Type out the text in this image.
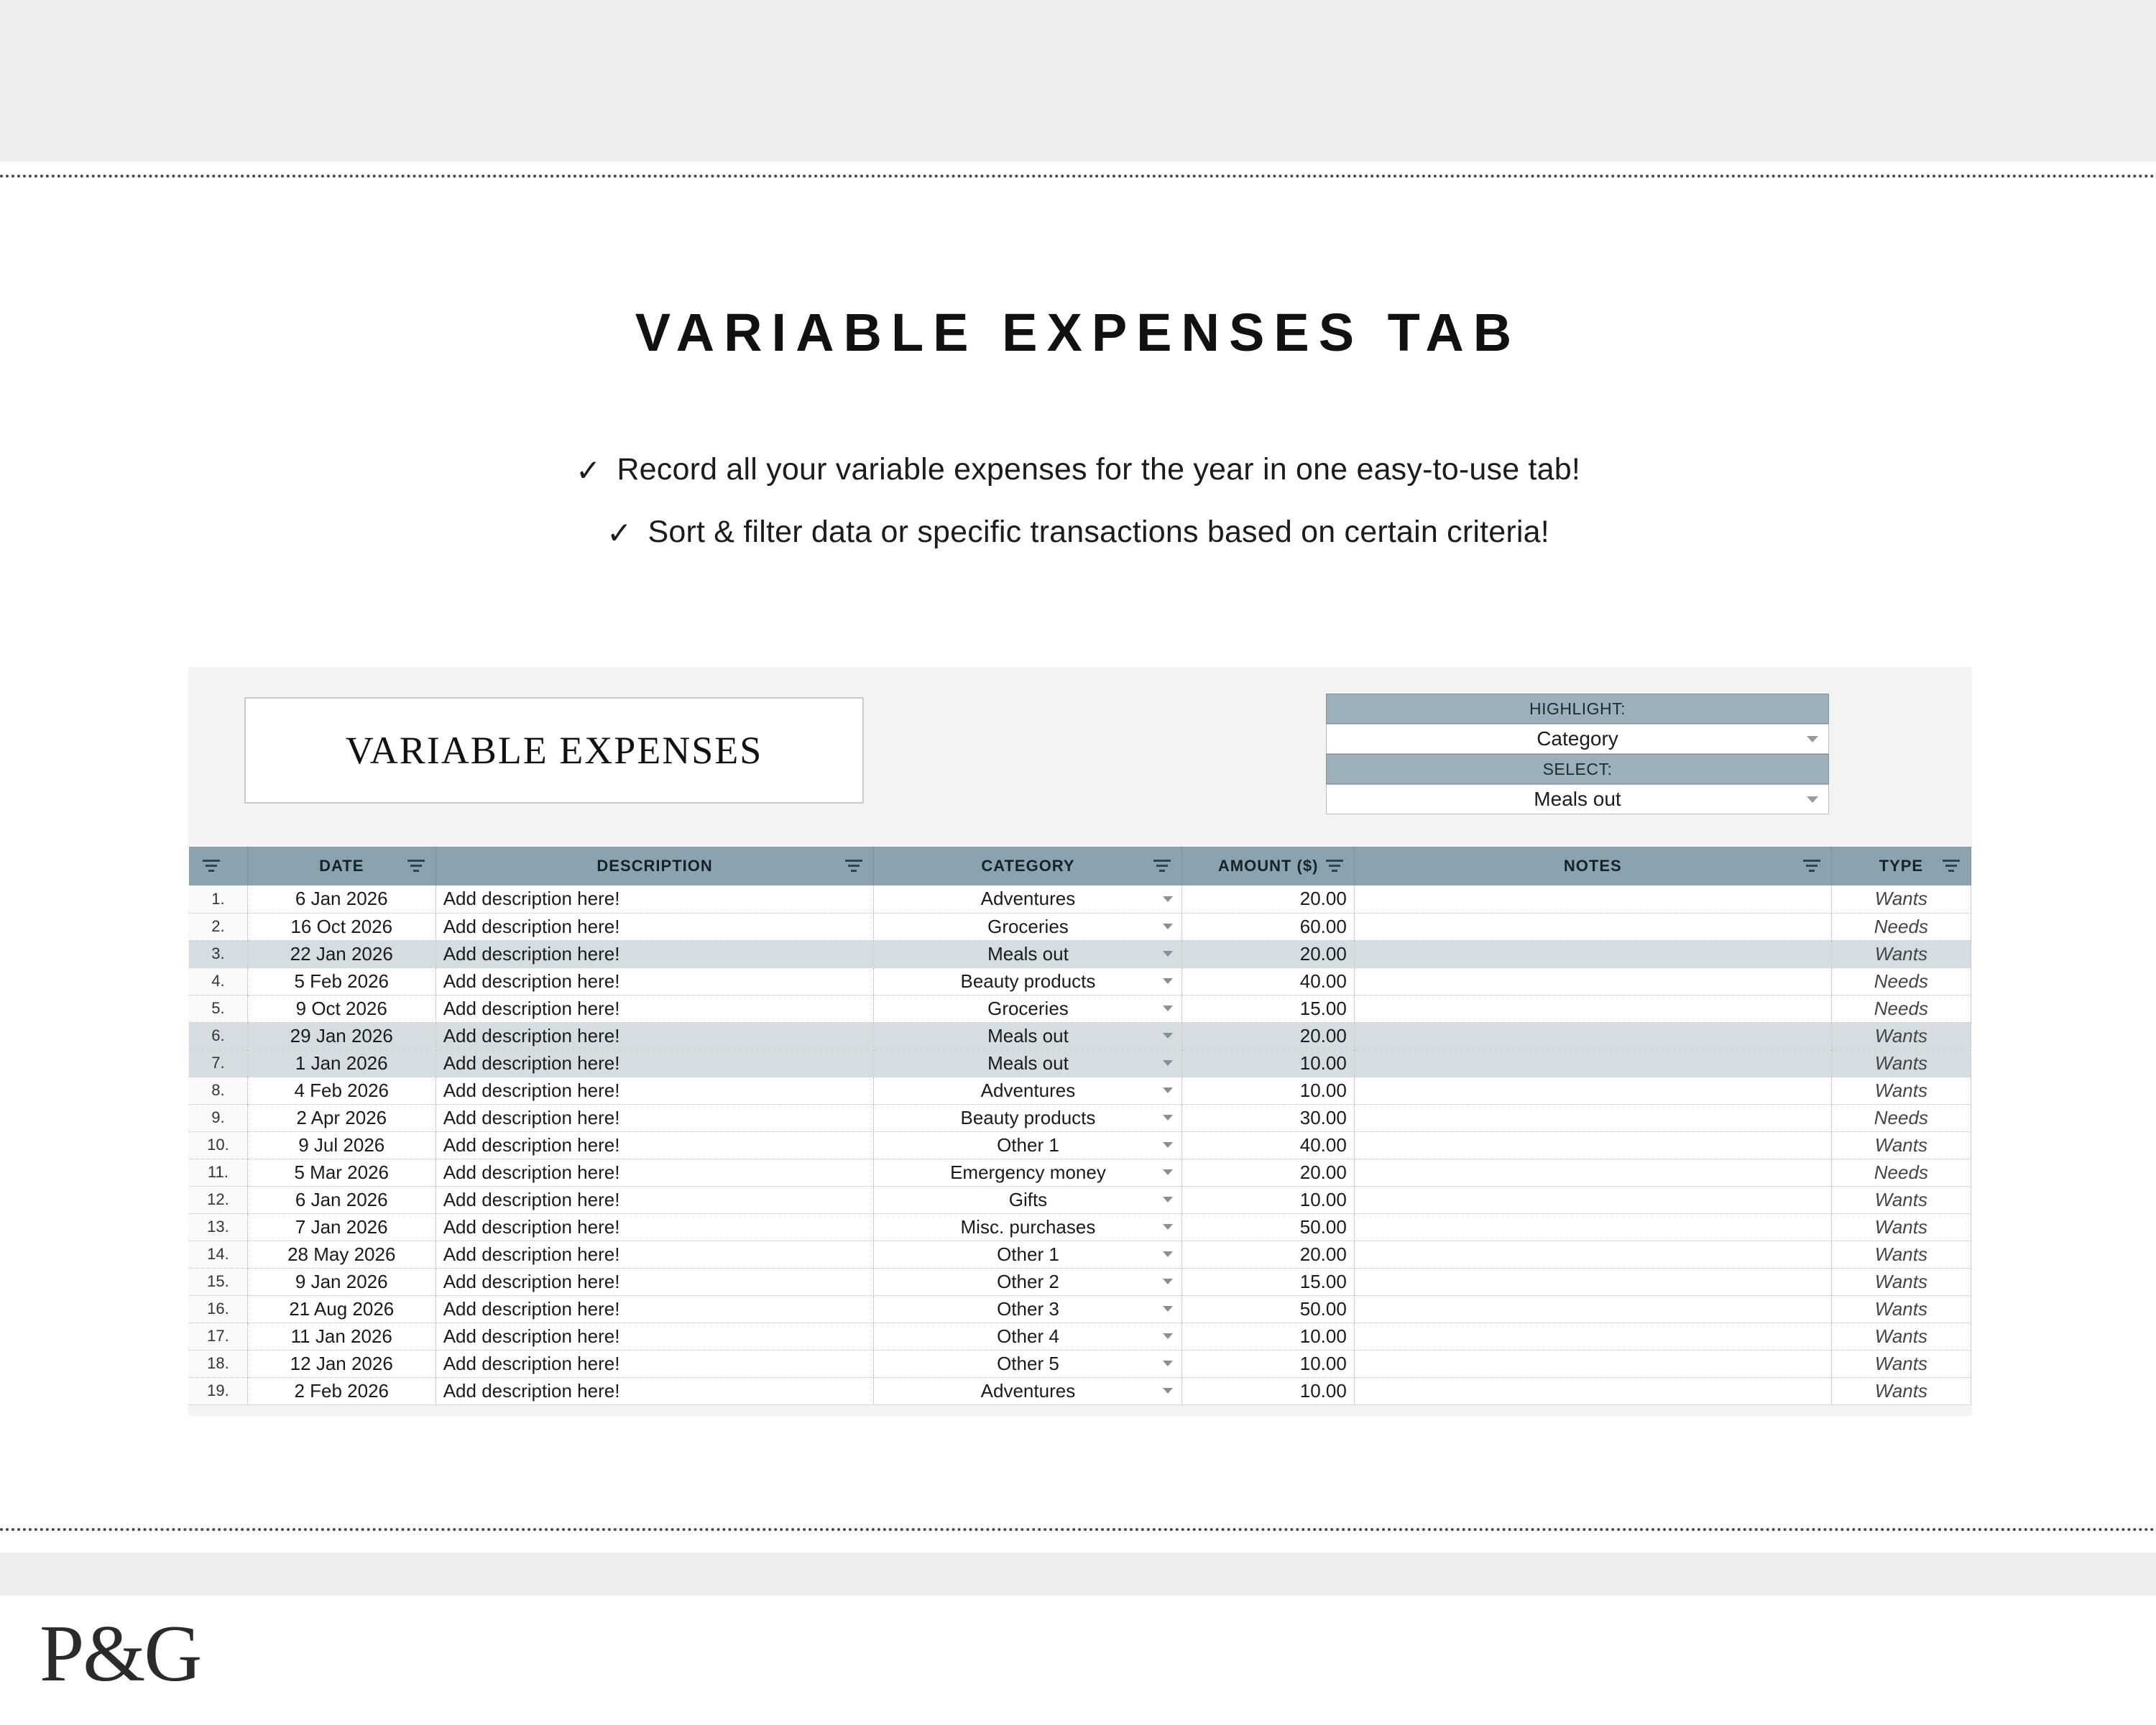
VARIABLE EXPENSES TAB
✓ Record all your variable expenses for the year in one easy-to-use tab!
✓ Sort & filter data or specific transactions based on certain criteria!
VARIABLE EXPENSES
HIGHLIGHT:
Category
SELECT:
Meals out
	DATE	DESCRIPTION	CATEGORY	AMOUNT ($)	NOTES	TYPE

1.	6 Jan 2026	Add description here!	Adventures	20.00		Wants
2.	16 Oct 2026	Add description here!	Groceries	60.00		Needs
3.	22 Jan 2026	Add description here!	Meals out	20.00		Wants
4.	5 Feb 2026	Add description here!	Beauty products	40.00		Needs
5.	9 Oct 2026	Add description here!	Groceries	15.00		Needs
6.	29 Jan 2026	Add description here!	Meals out	20.00		Wants
7.	1 Jan 2026	Add description here!	Meals out	10.00		Wants
8.	4 Feb 2026	Add description here!	Adventures	10.00		Wants
9.	2 Apr 2026	Add description here!	Beauty products	30.00		Needs
10.	9 Jul 2026	Add description here!	Other 1	40.00		Wants
11.	5 Mar 2026	Add description here!	Emergency money	20.00		Needs
12.	6 Jan 2026	Add description here!	Gifts	10.00		Wants
13.	7 Jan 2026	Add description here!	Misc. purchases	50.00		Wants
14.	28 May 2026	Add description here!	Other 1	20.00		Wants
15.	9 Jan 2026	Add description here!	Other 2	15.00		Wants
16.	21 Aug 2026	Add description here!	Other 3	50.00		Wants
17.	11 Jan 2026	Add description here!	Other 4	10.00		Wants
18.	12 Jan 2026	Add description here!	Other 5	10.00		Wants
19.	2 Feb 2026	Add description here!	Adventures	10.00		Wants
P&G
